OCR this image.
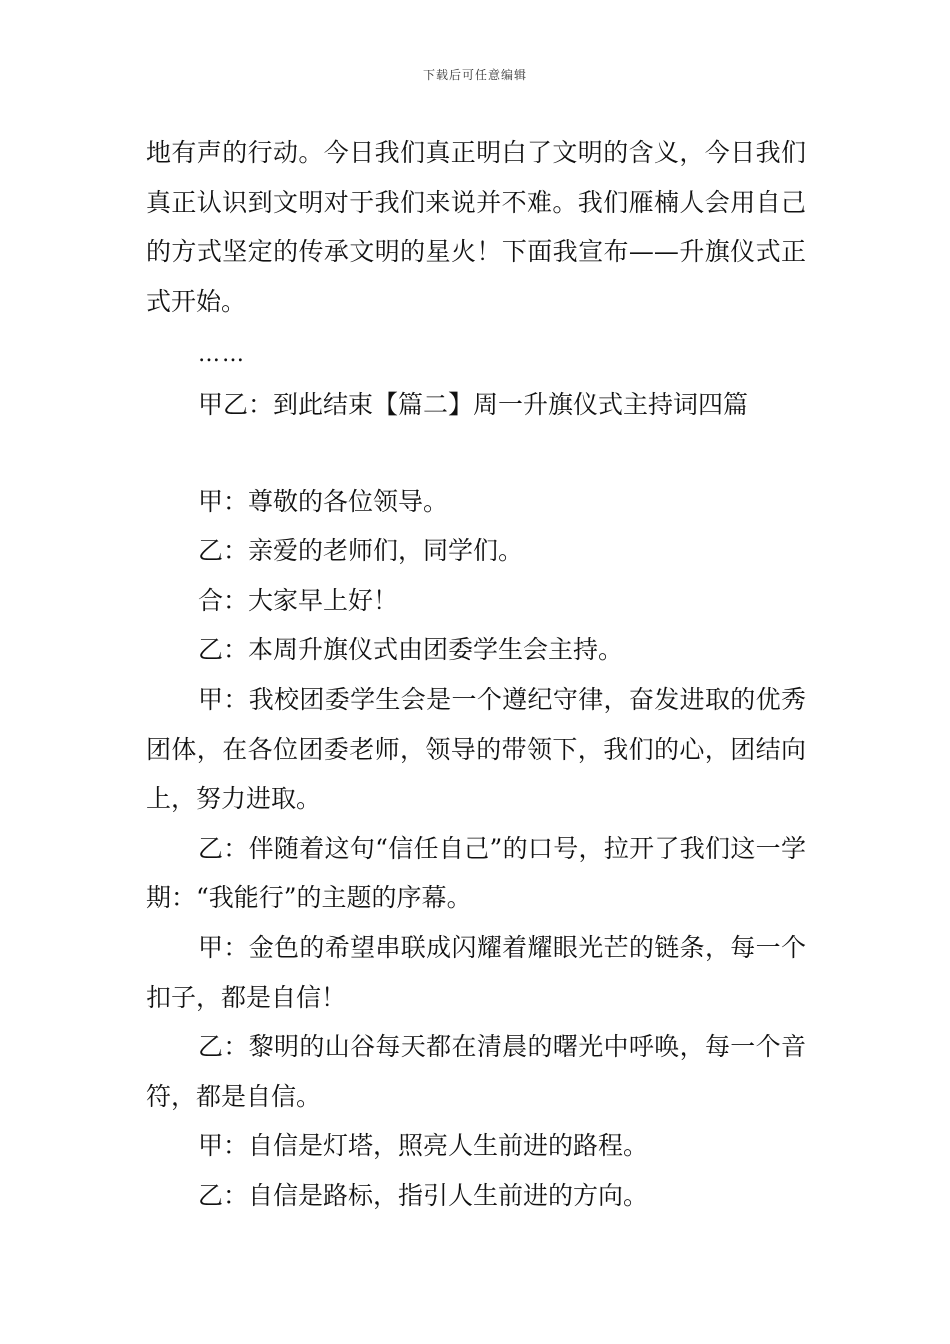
下载后可任意编辑

地有声的行动。今日我们真正明白了文明的含义，今日我们真正认识到文明对于我们来说并不难。我们雁楠人会用自己的方式坚定的传承文明的星火！下面我宣布——升旗仪式正式开始。

……

甲乙：到此结束【篇二】周一升旗仪式主持词四篇

甲：尊敬的各位领导。

乙：亲爱的老师们，同学们。

合：大家早上好！

乙：本周升旗仪式由团委学生会主持。

甲：我校团委学生会是一个遵纪守律，奋发进取的优秀团体，在各位团委老师，领导的带领下，我们的心，团结向上，努力进取。

乙：伴随着这句“信任自己”的口号，拉开了我们这一学期：“我能行”的主题的序幕。

甲：金色的希望串联成闪耀着耀眼光芒的链条，每一个扣子，都是自信！

乙：黎明的山谷每天都在清晨的曙光中呼唤，每一个音符，都是自信。

甲：自信是灯塔，照亮人生前进的路程。

乙：自信是路标，指引人生前进的方向。
